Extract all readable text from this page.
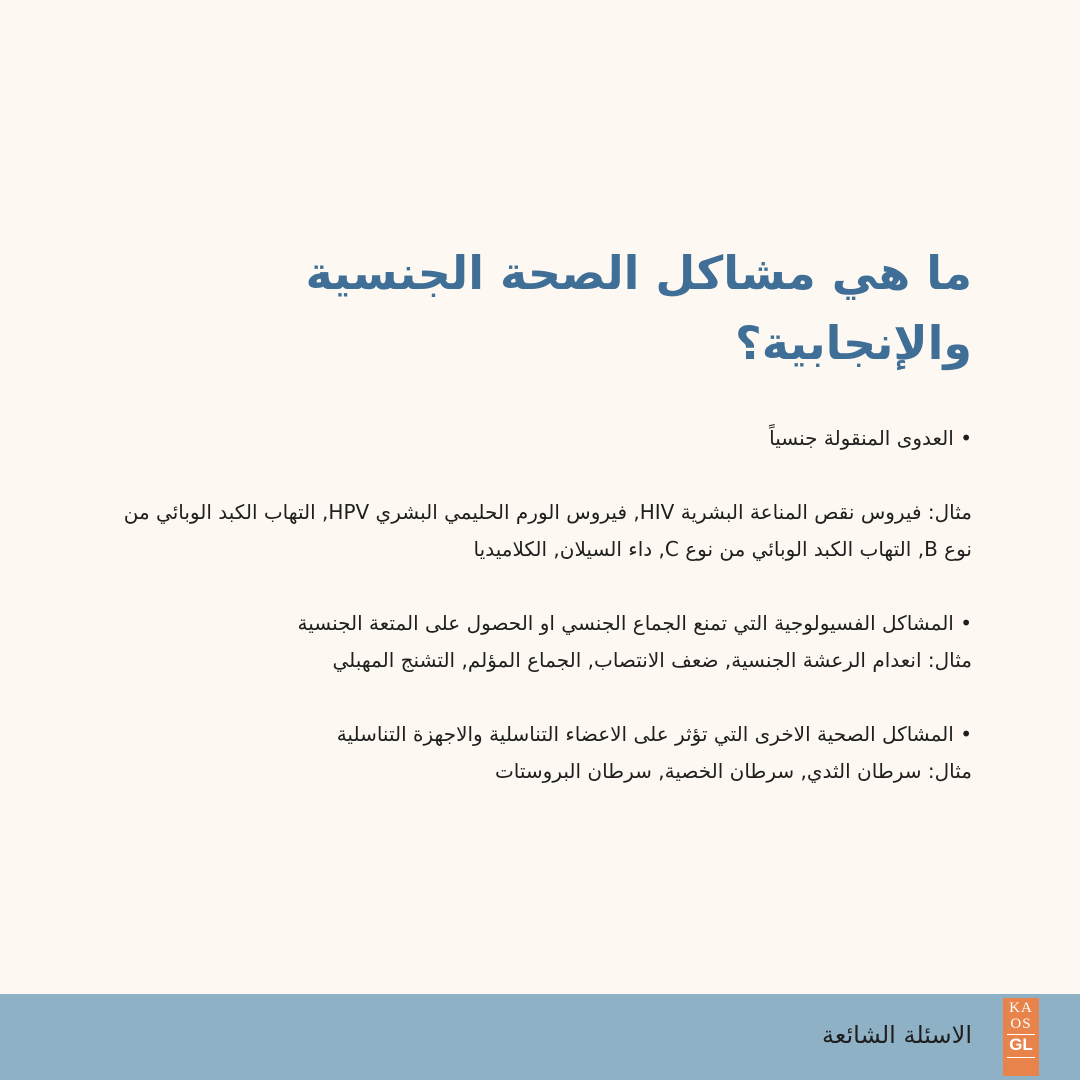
ما هي مشاكل الصحة الجنسية والإنجابية؟
• العدوى المنقولة جنسياً
مثال: فيروس نقص المناعة البشرية HIV, فيروس الورم الحليمي البشري HPV, التهاب الكبد الوبائي من نوع B, التهاب الكبد الوبائي من نوع C, داء السيلان, الكلاميديا
• المشاكل الفسيولوجية التي تمنع الجماع الجنسي او الحصول على المتعة الجنسية
مثال: انعدام الرعشة الجنسية, ضعف الانتصاب, الجماع المؤلم, التشنج المهبلي
• المشاكل الصحية الاخرى التي تؤثر على الاعضاء التناسلية والاجهزة التناسلية
مثال: سرطان الثدي, سرطان الخصية, سرطان البروستات
الاسئلة الشائعة
KA
OS
GL
